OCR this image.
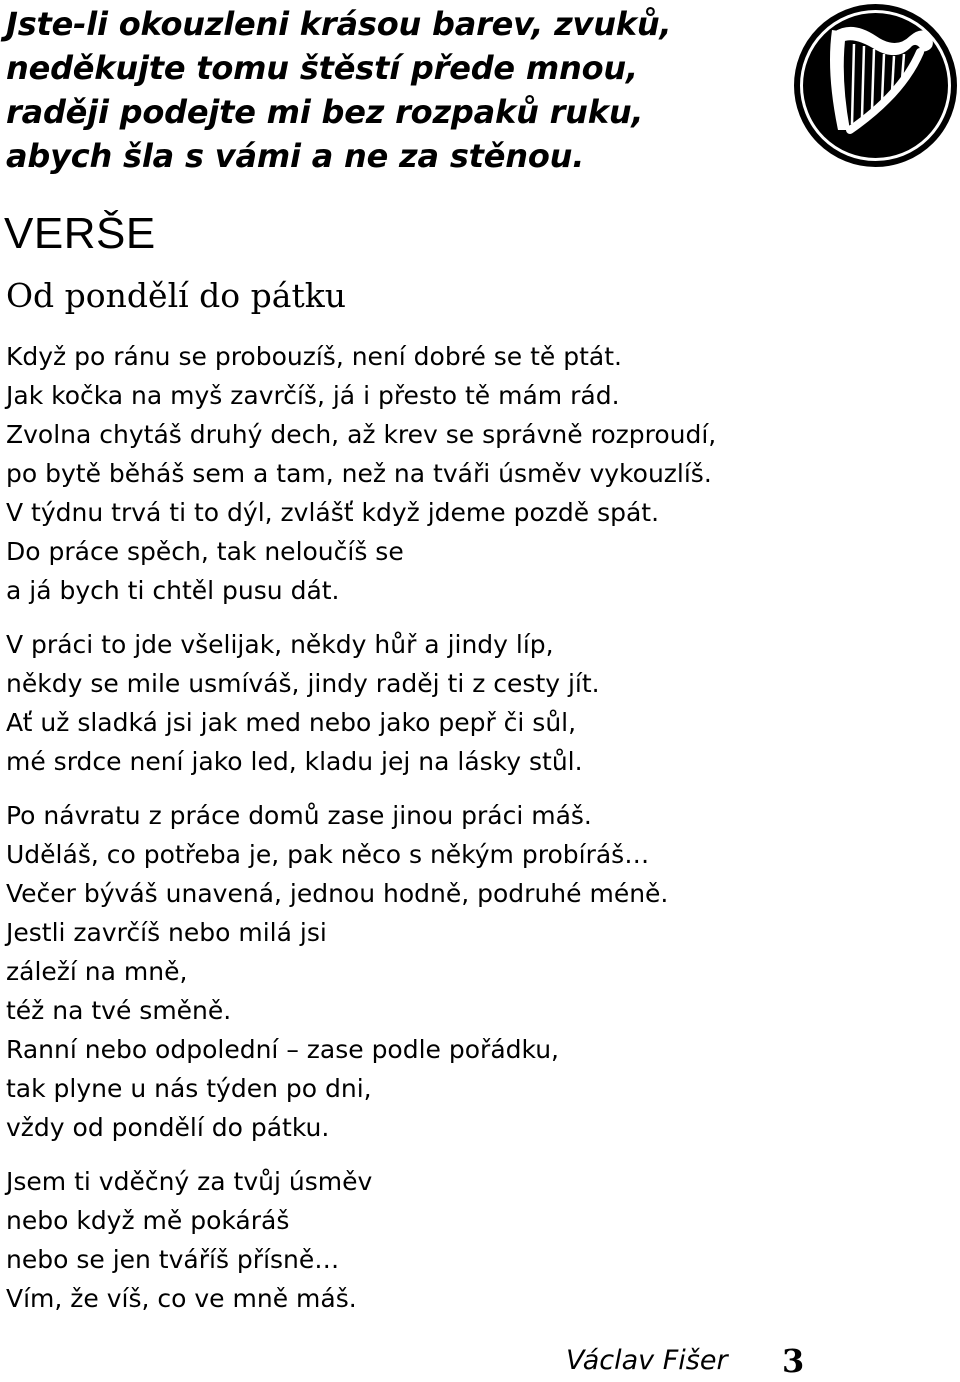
Jste-li okouzleni krásou barev, zvuků,
neděkujte tomu štěstí přede mnou,
raději podejte mi bez rozpaků ruku,
abych šla s vámi a ne za stěnou.
VERŠE
Od pondělí do pátku
Když po ránu se probouzíš, není dobré se tě ptát.
Jak kočka na myš zavrčíš, já i přesto tě mám rád.
Zvolna chytáš druhý dech, až krev se správně rozproudí,
po bytě běháš sem a tam, než na tváři úsměv vykouzlíš.
V týdnu trvá ti to dýl, zvlášť když jdeme pozdě spát.
Do práce spěch, tak neloučíš se
a já bych ti chtěl pusu dát.
V práci to jde všelijak, někdy hůř a jindy líp,
někdy se mile usmíváš, jindy raděj ti z cesty jít.
Ať už sladká jsi jak med nebo jako pepř či sůl,
mé srdce není jako led, kladu jej na lásky stůl.
Po návratu z práce domů zase jinou práci máš.
Uděláš, co potřeba je, pak něco s někým probíráš…
Večer býváš unavená, jednou hodně, podruhé méně.
Jestli zavrčíš nebo milá jsi
záleží na mně,
též na tvé směně.
Ranní nebo odpolední – zase podle pořádku,
tak plyne u nás týden po dni,
vždy od pondělí do pátku.
Jsem ti vděčný za tvůj úsměv
nebo když mě pokáráš
nebo se jen tváříš přísně…
Vím, že víš, co ve mně máš.
Václav Fišer 3
